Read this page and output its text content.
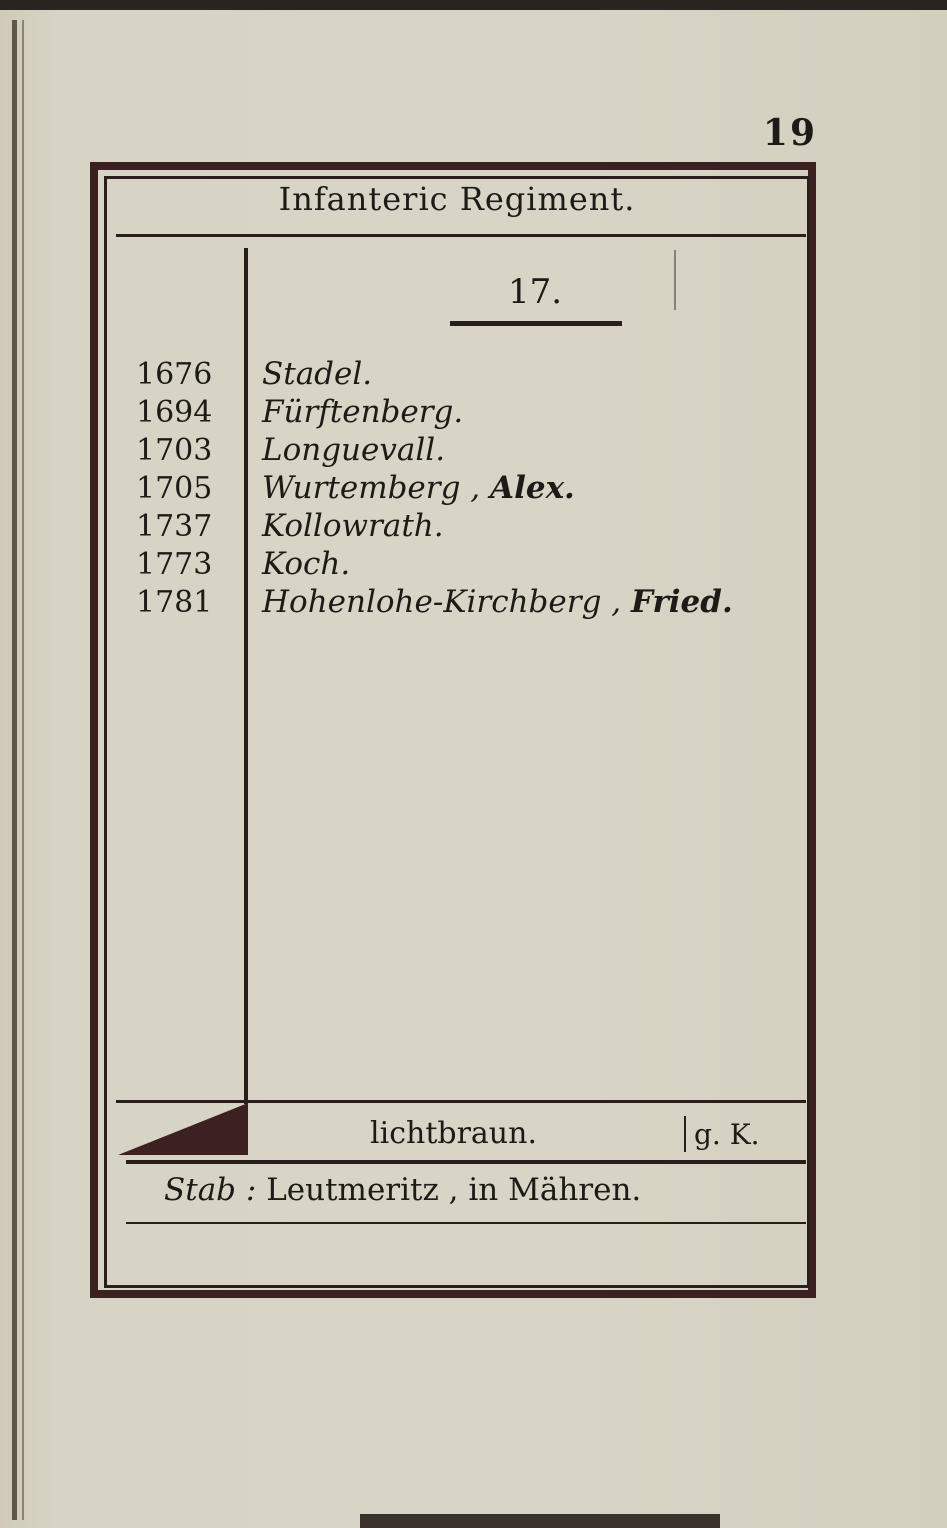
19
Infanteric Regiment.
17.
1676	Stadel.
1694	Fürftenberg.
1703	Longuevall.
1705	Wurtemberg , Alex.
1737	Kollowrath.
1773	Koch.
1781	Hohenlohe-Kirchberg , Fried.
lichtbraun.	g. K.
Stab : Leutmeritz , in Mähren.
